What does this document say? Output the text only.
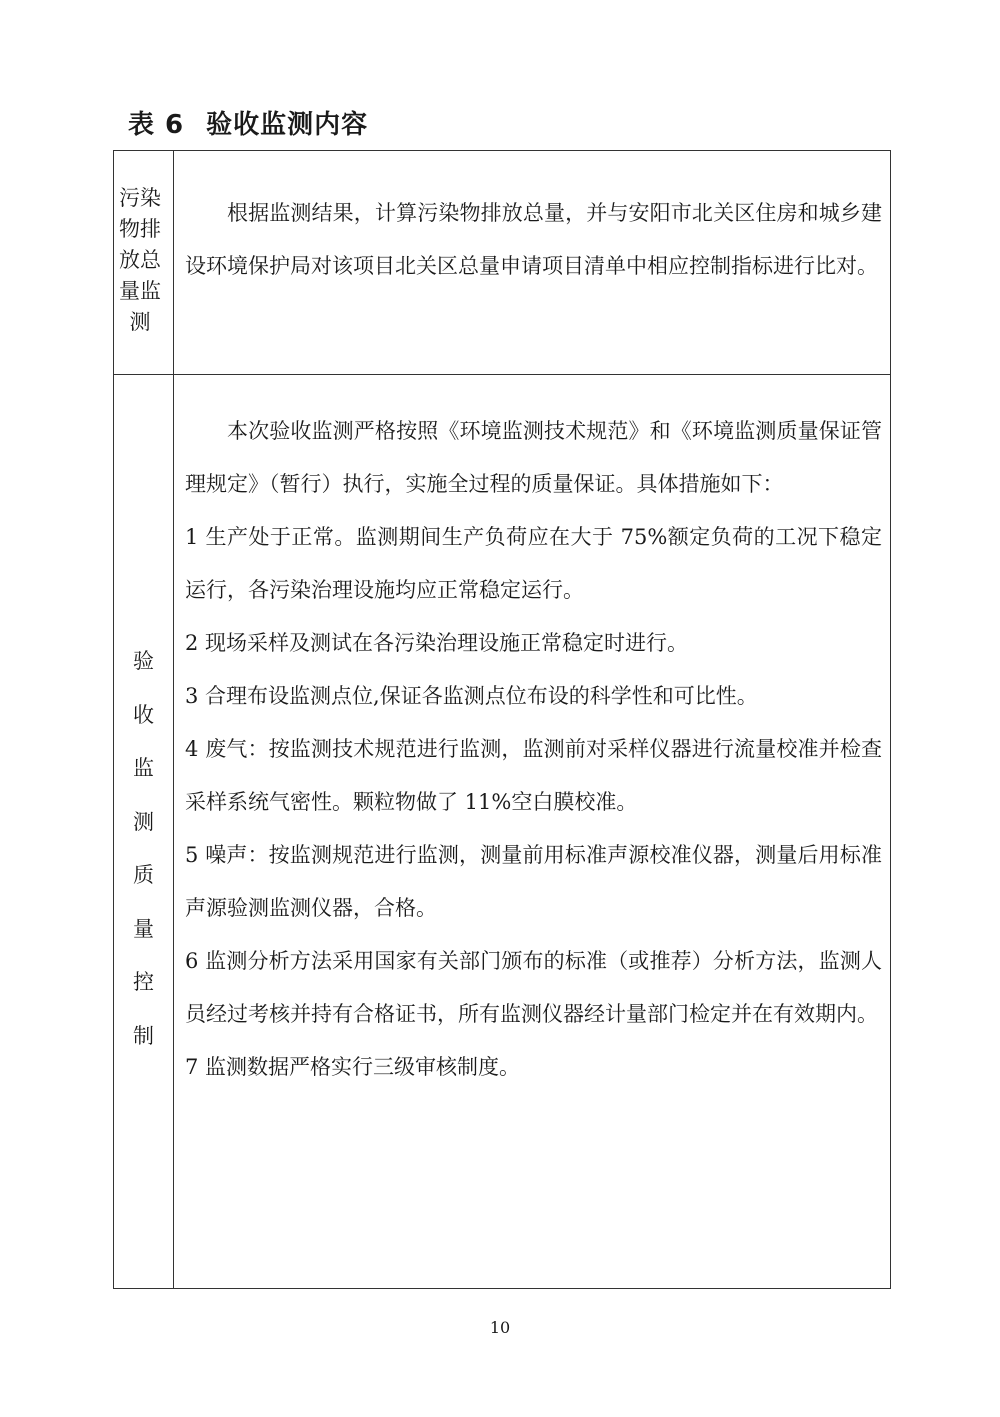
表 6 验收监测内容
污染物排放总量监测

根据监测结果，计算污染物排放总量，并与安阳市北关区住房和城乡建设环境保护局对该项目北关区总量申请项目清单中相应控制指标进行比对。

验收监测质量控制

本次验收监测严格按照《环境监测技术规范》和《环境监测质量保证管理规定》（暂行）执行，实施全过程的质量保证。具体措施如下：

1 生产处于正常。监测期间生产负荷应在大于 75%额定负荷的工况下稳定运行，各污染治理设施均应正常稳定运行。

2 现场采样及测试在各污染治理设施正常稳定时进行。

3 合理布设监测点位,保证各监测点位布设的科学性和可比性。

4 废气：按监测技术规范进行监测，监测前对采样仪器进行流量校准并检查采样系统气密性。颗粒物做了 11%空白膜校准。

5 噪声：按监测规范进行监测，测量前用标准声源校准仪器，测量后用标准声源验测监测仪器，合格。

6 监测分析方法采用国家有关部门颁布的标准（或推荐）分析方法，监测人员经过考核并持有合格证书，所有监测仪器经计量部门检定并在有效期内。

7 监测数据严格实行三级审核制度。

10
